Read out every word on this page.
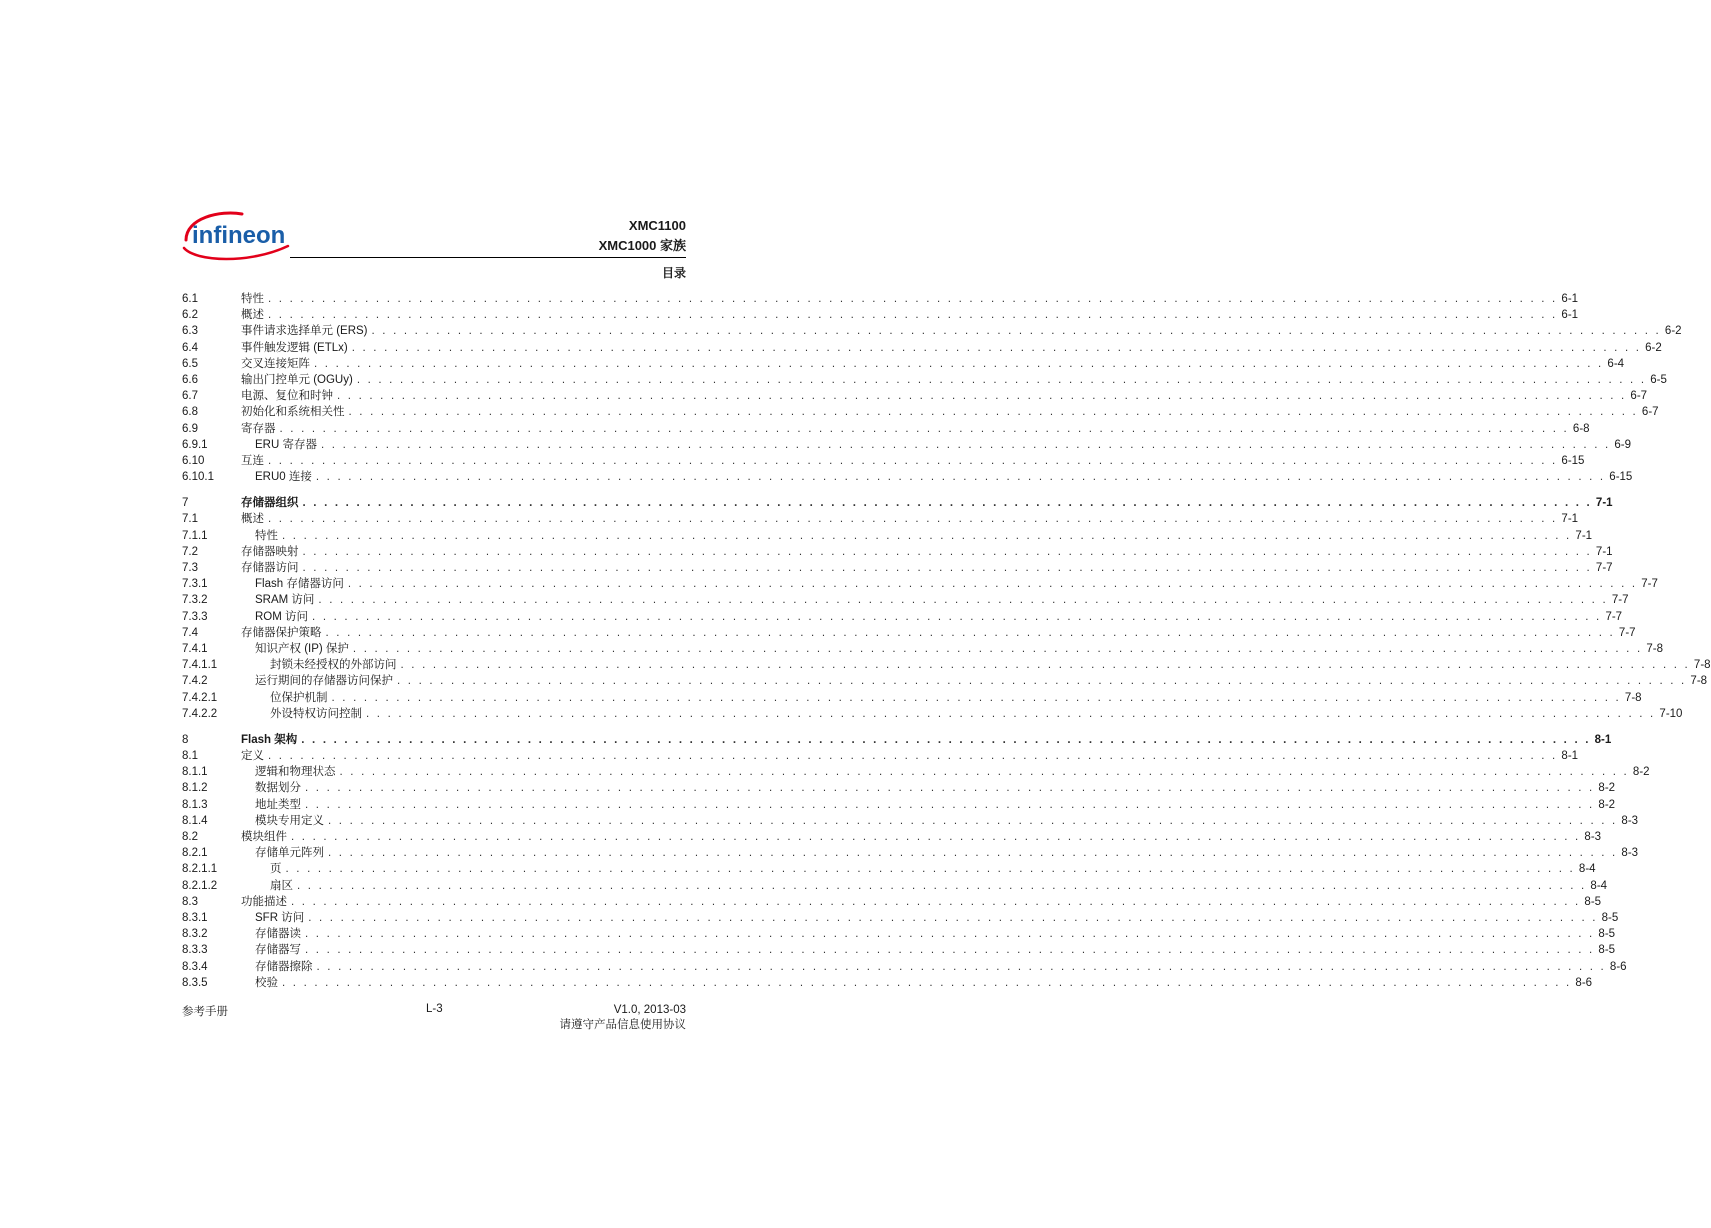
infineon	XMC1100
XMC1000 家族
目录
6.1	特性 . . . . . . . . . . . . . . . . . . . . . . . . . . . . . . . . . . . . . . . . . . . . . . . . . . . . . . . . . . . . . . . . . . . . . . . . . . . . . . . . . . . . . . . . . . . . . . . . . . . . . . . . . . . . . . . . . . . . . . . . 6-1
6.2	概述 . . . . . . . . . . . . . . . . . . . . . . . . . . . . . . . . . . . . . . . . . . . . . . . . . . . . . . . . . . . . . . . . . . . . . . . . . . . . . . . . . . . . . . . . . . . . . . . . . . . . . . . . . . . . . . . . . . . . . . . . 6-1
6.3	事件请求选择单元 (ERS) . . . . . . . . . . . . . . . . . . . . . . . . . . . . . . . . . . . . . . . . . . . . . . . . . . . . . . . . . . . . . . . . . . . . . . . . . . . . . . . . . . . . . . . . . . . . . . . . . . . . . . . . . . . . . . . . . . . . . . . . 6-2
6.4	事件触发逻辑 (ETLx) . . . . . . . . . . . . . . . . . . . . . . . . . . . . . . . . . . . . . . . . . . . . . . . . . . . . . . . . . . . . . . . . . . . . . . . . . . . . . . . . . . . . . . . . . . . . . . . . . . . . . . . . . . . . . . . . . . . . . . . . 6-2
6.5	交叉连接矩阵 . . . . . . . . . . . . . . . . . . . . . . . . . . . . . . . . . . . . . . . . . . . . . . . . . . . . . . . . . . . . . . . . . . . . . . . . . . . . . . . . . . . . . . . . . . . . . . . . . . . . . . . . . . . . . . . . . . . . . . . . 6-4
6.6	输出门控单元 (OGUy) . . . . . . . . . . . . . . . . . . . . . . . . . . . . . . . . . . . . . . . . . . . . . . . . . . . . . . . . . . . . . . . . . . . . . . . . . . . . . . . . . . . . . . . . . . . . . . . . . . . . . . . . . . . . . . . . . . . . . . . . 6-5
6.7	电源、复位和时钟 . . . . . . . . . . . . . . . . . . . . . . . . . . . . . . . . . . . . . . . . . . . . . . . . . . . . . . . . . . . . . . . . . . . . . . . . . . . . . . . . . . . . . . . . . . . . . . . . . . . . . . . . . . . . . . . . . . . . . . . . 6-7
6.8	初始化和系统相关性 . . . . . . . . . . . . . . . . . . . . . . . . . . . . . . . . . . . . . . . . . . . . . . . . . . . . . . . . . . . . . . . . . . . . . . . . . . . . . . . . . . . . . . . . . . . . . . . . . . . . . . . . . . . . . . . . . . . . . . . . 6-7
6.9	寄存器 . . . . . . . . . . . . . . . . . . . . . . . . . . . . . . . . . . . . . . . . . . . . . . . . . . . . . . . . . . . . . . . . . . . . . . . . . . . . . . . . . . . . . . . . . . . . . . . . . . . . . . . . . . . . . . . . . . . . . . . . 6-8
6.9.1	ERU 寄存器 . . . . . . . . . . . . . . . . . . . . . . . . . . . . . . . . . . . . . . . . . . . . . . . . . . . . . . . . . . . . . . . . . . . . . . . . . . . . . . . . . . . . . . . . . . . . . . . . . . . . . . . . . . . . . . . . . . . . . . . . 6-9
6.10	互连 . . . . . . . . . . . . . . . . . . . . . . . . . . . . . . . . . . . . . . . . . . . . . . . . . . . . . . . . . . . . . . . . . . . . . . . . . . . . . . . . . . . . . . . . . . . . . . . . . . . . . . . . . . . . . . . . . . . . . . . . 6-15
6.10.1	ERU0 连接 . . . . . . . . . . . . . . . . . . . . . . . . . . . . . . . . . . . . . . . . . . . . . . . . . . . . . . . . . . . . . . . . . . . . . . . . . . . . . . . . . . . . . . . . . . . . . . . . . . . . . . . . . . . . . . . . . . . . . . . . 6-15
7	存储器组织 . . . . . . . . . . . . . . . . . . . . . . . . . . . . . . . . . . . . . . . . . . . . . . . . . . . . . . . . . . . . . . . . . . . . . . . . . . . . . . . . . . . . . . . . . . . . . . . . . . . . . . . . . . . . . . . . . . . . . . . . 7-1
7.1	概述 . . . . . . . . . . . . . . . . . . . . . . . . . . . . . . . . . . . . . . . . . . . . . . . . . . . . . . . . . . . . . . . . . . . . . . . . . . . . . . . . . . . . . . . . . . . . . . . . . . . . . . . . . . . . . . . . . . . . . . . . 7-1
7.1.1	特性 . . . . . . . . . . . . . . . . . . . . . . . . . . . . . . . . . . . . . . . . . . . . . . . . . . . . . . . . . . . . . . . . . . . . . . . . . . . . . . . . . . . . . . . . . . . . . . . . . . . . . . . . . . . . . . . . . . . . . . . . 7-1
7.2	存储器映射 . . . . . . . . . . . . . . . . . . . . . . . . . . . . . . . . . . . . . . . . . . . . . . . . . . . . . . . . . . . . . . . . . . . . . . . . . . . . . . . . . . . . . . . . . . . . . . . . . . . . . . . . . . . . . . . . . . . . . . . . 7-1
7.3	存储器访问 . . . . . . . . . . . . . . . . . . . . . . . . . . . . . . . . . . . . . . . . . . . . . . . . . . . . . . . . . . . . . . . . . . . . . . . . . . . . . . . . . . . . . . . . . . . . . . . . . . . . . . . . . . . . . . . . . . . . . . . . 7-7
7.3.1	Flash 存储器访问 . . . . . . . . . . . . . . . . . . . . . . . . . . . . . . . . . . . . . . . . . . . . . . . . . . . . . . . . . . . . . . . . . . . . . . . . . . . . . . . . . . . . . . . . . . . . . . . . . . . . . . . . . . . . . . . . . . . . . . . . 7-7
7.3.2	SRAM 访问 . . . . . . . . . . . . . . . . . . . . . . . . . . . . . . . . . . . . . . . . . . . . . . . . . . . . . . . . . . . . . . . . . . . . . . . . . . . . . . . . . . . . . . . . . . . . . . . . . . . . . . . . . . . . . . . . . . . . . . . . 7-7
7.3.3	ROM 访问 . . . . . . . . . . . . . . . . . . . . . . . . . . . . . . . . . . . . . . . . . . . . . . . . . . . . . . . . . . . . . . . . . . . . . . . . . . . . . . . . . . . . . . . . . . . . . . . . . . . . . . . . . . . . . . . . . . . . . . . . 7-7
7.4	存储器保护策略 . . . . . . . . . . . . . . . . . . . . . . . . . . . . . . . . . . . . . . . . . . . . . . . . . . . . . . . . . . . . . . . . . . . . . . . . . . . . . . . . . . . . . . . . . . . . . . . . . . . . . . . . . . . . . . . . . . . . . . . . 7-7
7.4.1	知识产权 (IP) 保护 . . . . . . . . . . . . . . . . . . . . . . . . . . . . . . . . . . . . . . . . . . . . . . . . . . . . . . . . . . . . . . . . . . . . . . . . . . . . . . . . . . . . . . . . . . . . . . . . . . . . . . . . . . . . . . . . . . . . . . . . 7-8
7.4.1.1	封锁未经授权的外部访问 . . . . . . . . . . . . . . . . . . . . . . . . . . . . . . . . . . . . . . . . . . . . . . . . . . . . . . . . . . . . . . . . . . . . . . . . . . . . . . . . . . . . . . . . . . . . . . . . . . . . . . . . . . . . . . . . . . . . . . . . 7-8
7.4.2	运行期间的存储器访问保护 . . . . . . . . . . . . . . . . . . . . . . . . . . . . . . . . . . . . . . . . . . . . . . . . . . . . . . . . . . . . . . . . . . . . . . . . . . . . . . . . . . . . . . . . . . . . . . . . . . . . . . . . . . . . . . . . . . . . . . . . 7-8
7.4.2.1	位保护机制 . . . . . . . . . . . . . . . . . . . . . . . . . . . . . . . . . . . . . . . . . . . . . . . . . . . . . . . . . . . . . . . . . . . . . . . . . . . . . . . . . . . . . . . . . . . . . . . . . . . . . . . . . . . . . . . . . . . . . . . . 7-8
7.4.2.2	外设特权访问控制 . . . . . . . . . . . . . . . . . . . . . . . . . . . . . . . . . . . . . . . . . . . . . . . . . . . . . . . . . . . . . . . . . . . . . . . . . . . . . . . . . . . . . . . . . . . . . . . . . . . . . . . . . . . . . . . . . . . . . . . . 7-10
8	Flash 架构 . . . . . . . . . . . . . . . . . . . . . . . . . . . . . . . . . . . . . . . . . . . . . . . . . . . . . . . . . . . . . . . . . . . . . . . . . . . . . . . . . . . . . . . . . . . . . . . . . . . . . . . . . . . . . . . . . . . . . . . . 8-1
8.1	定义 . . . . . . . . . . . . . . . . . . . . . . . . . . . . . . . . . . . . . . . . . . . . . . . . . . . . . . . . . . . . . . . . . . . . . . . . . . . . . . . . . . . . . . . . . . . . . . . . . . . . . . . . . . . . . . . . . . . . . . . . 8-1
8.1.1	逻辑和物理状态 . . . . . . . . . . . . . . . . . . . . . . . . . . . . . . . . . . . . . . . . . . . . . . . . . . . . . . . . . . . . . . . . . . . . . . . . . . . . . . . . . . . . . . . . . . . . . . . . . . . . . . . . . . . . . . . . . . . . . . . . 8-2
8.1.2	数据划分 . . . . . . . . . . . . . . . . . . . . . . . . . . . . . . . . . . . . . . . . . . . . . . . . . . . . . . . . . . . . . . . . . . . . . . . . . . . . . . . . . . . . . . . . . . . . . . . . . . . . . . . . . . . . . . . . . . . . . . . . 8-2
8.1.3	地址类型 . . . . . . . . . . . . . . . . . . . . . . . . . . . . . . . . . . . . . . . . . . . . . . . . . . . . . . . . . . . . . . . . . . . . . . . . . . . . . . . . . . . . . . . . . . . . . . . . . . . . . . . . . . . . . . . . . . . . . . . . 8-2
8.1.4	模块专用定义 . . . . . . . . . . . . . . . . . . . . . . . . . . . . . . . . . . . . . . . . . . . . . . . . . . . . . . . . . . . . . . . . . . . . . . . . . . . . . . . . . . . . . . . . . . . . . . . . . . . . . . . . . . . . . . . . . . . . . . . . 8-3
8.2	模块组件 . . . . . . . . . . . . . . . . . . . . . . . . . . . . . . . . . . . . . . . . . . . . . . . . . . . . . . . . . . . . . . . . . . . . . . . . . . . . . . . . . . . . . . . . . . . . . . . . . . . . . . . . . . . . . . . . . . . . . . . . 8-3
8.2.1	存储单元阵列 . . . . . . . . . . . . . . . . . . . . . . . . . . . . . . . . . . . . . . . . . . . . . . . . . . . . . . . . . . . . . . . . . . . . . . . . . . . . . . . . . . . . . . . . . . . . . . . . . . . . . . . . . . . . . . . . . . . . . . . . 8-3
8.2.1.1	页 . . . . . . . . . . . . . . . . . . . . . . . . . . . . . . . . . . . . . . . . . . . . . . . . . . . . . . . . . . . . . . . . . . . . . . . . . . . . . . . . . . . . . . . . . . . . . . . . . . . . . . . . . . . . . . . . . . . . . . . . 8-4
8.2.1.2	扇区 . . . . . . . . . . . . . . . . . . . . . . . . . . . . . . . . . . . . . . . . . . . . . . . . . . . . . . . . . . . . . . . . . . . . . . . . . . . . . . . . . . . . . . . . . . . . . . . . . . . . . . . . . . . . . . . . . . . . . . . . 8-4
8.3	功能描述 . . . . . . . . . . . . . . . . . . . . . . . . . . . . . . . . . . . . . . . . . . . . . . . . . . . . . . . . . . . . . . . . . . . . . . . . . . . . . . . . . . . . . . . . . . . . . . . . . . . . . . . . . . . . . . . . . . . . . . . . 8-5
8.3.1	SFR 访问 . . . . . . . . . . . . . . . . . . . . . . . . . . . . . . . . . . . . . . . . . . . . . . . . . . . . . . . . . . . . . . . . . . . . . . . . . . . . . . . . . . . . . . . . . . . . . . . . . . . . . . . . . . . . . . . . . . . . . . . . 8-5
8.3.2	存储器读 . . . . . . . . . . . . . . . . . . . . . . . . . . . . . . . . . . . . . . . . . . . . . . . . . . . . . . . . . . . . . . . . . . . . . . . . . . . . . . . . . . . . . . . . . . . . . . . . . . . . . . . . . . . . . . . . . . . . . . . . 8-5
8.3.3	存储器写 . . . . . . . . . . . . . . . . . . . . . . . . . . . . . . . . . . . . . . . . . . . . . . . . . . . . . . . . . . . . . . . . . . . . . . . . . . . . . . . . . . . . . . . . . . . . . . . . . . . . . . . . . . . . . . . . . . . . . . . . 8-5
8.3.4	存储器擦除 . . . . . . . . . . . . . . . . . . . . . . . . . . . . . . . . . . . . . . . . . . . . . . . . . . . . . . . . . . . . . . . . . . . . . . . . . . . . . . . . . . . . . . . . . . . . . . . . . . . . . . . . . . . . . . . . . . . . . . . . 8-6
8.3.5	校验 . . . . . . . . . . . . . . . . . . . . . . . . . . . . . . . . . . . . . . . . . . . . . . . . . . . . . . . . . . . . . . . . . . . . . . . . . . . . . . . . . . . . . . . . . . . . . . . . . . . . . . . . . . . . . . . . . . . . . . . . 8-6
参考手册	L-3	V1.0, 2013-03
请遵守产品信息使用协议
